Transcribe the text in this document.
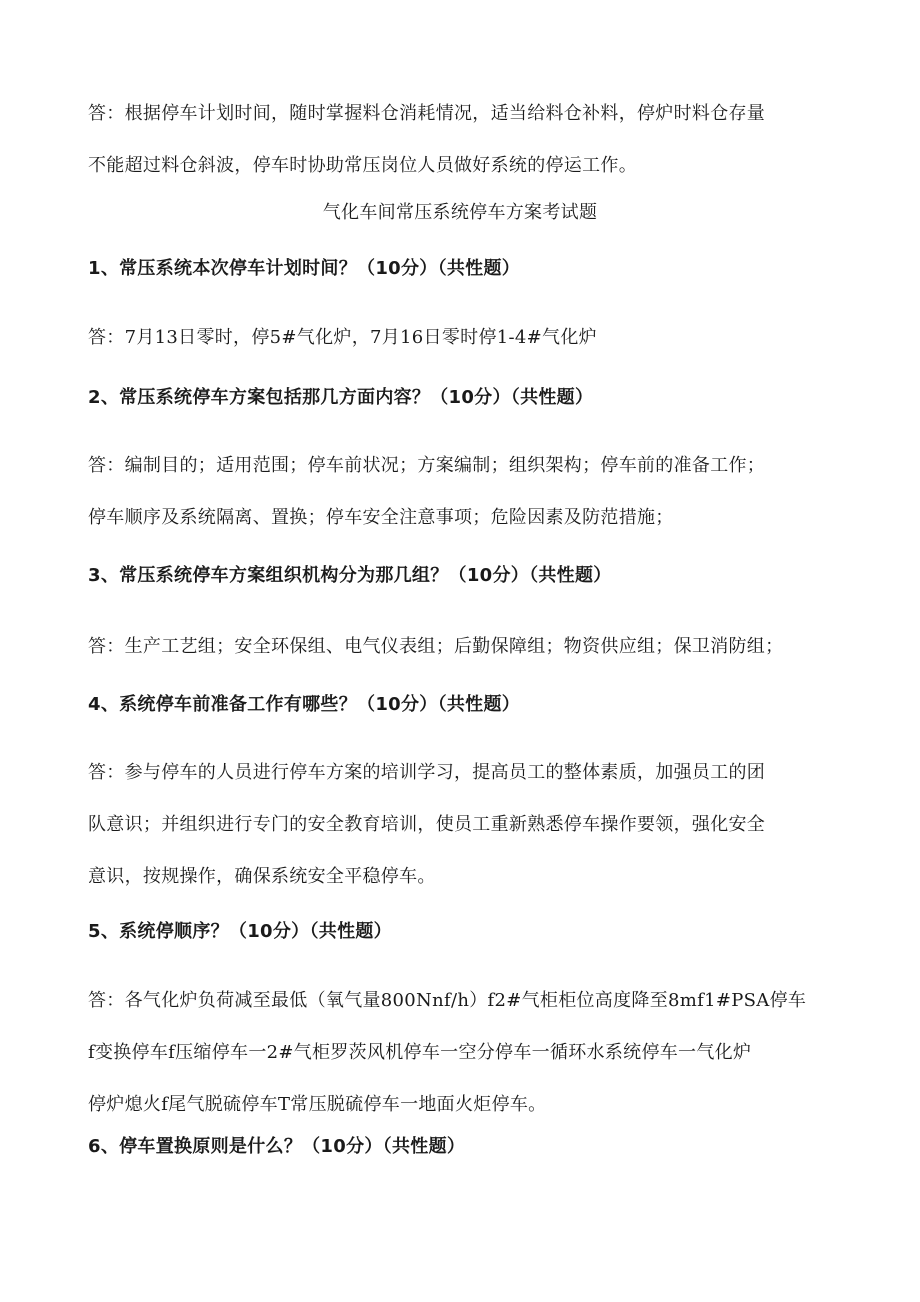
答：根据停车计划时间，随时掌握料仓消耗情况，适当给料仓补料，停炉时料仓存量
不能超过料仓斜波，停车时协助常压岗位人员做好系统的停运工作。

气化车间常压系统停车方案考试题
1、常压系统本次停车计划时间？（10分）（共性题）

答：7月13日零时，停5#气化炉，7月16日零时停1-4#气化炉

2、常压系统停车方案包括那几方面内容？（10分）（共性题）

答：编制目的；适用范围；停车前状况；方案编制；组织架构；停车前的准备工作；
停车顺序及系统隔离、置换；停车安全注意事项；危险因素及防范措施；

3、常压系统停车方案组织机构分为那几组？（10分）（共性题）

答：生产工艺组；安全环保组、电气仪表组；后勤保障组；物资供应组；保卫消防组；

4、系统停车前准备工作有哪些？（10分）（共性题）

答：参与停车的人员进行停车方案的培训学习，提高员工的整体素质，加强员工的团
队意识；并组织进行专门的安全教育培训，使员工重新熟悉停车操作要领，强化安全
意识，按规操作，确保系统安全平稳停车。

5、系统停顺序？（10分）（共性题）

答：各气化炉负荷减至最低（氧气量800Nnf/h）f2#气柜柜位高度降至8mf1#PSA停车
f变换停车f压缩停车一2#气柜罗茨风机停车一空分停车一循环水系统停车一气化炉
停炉熄火f尾气脱硫停车T常压脱硫停车一地面火炬停车。

6、停车置换原则是什么？（10分）（共性题）
